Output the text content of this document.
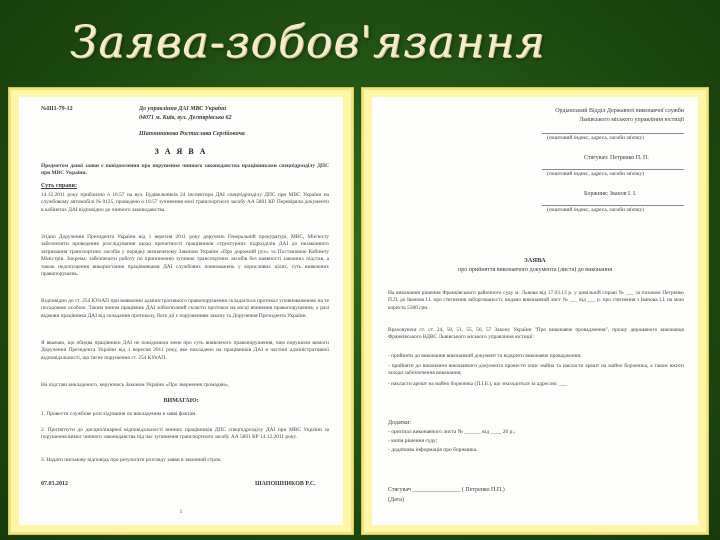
Заява-зобов'язання
№Ш1-79-12	До управління ДАІ МВС України
04071 м. Київ, вул. Дегтярівська 62
Шапошникова Ростислава Сергійовича
З А Я В А
Предметом даної заяви є повідомлення про порушення чинного законодавства працівниками спецпідрозділу ДПС при МВС України.
Суть справи:
14.12.2011 року приблизно о 16:57 на вул. Будівельників 24 інспектори ДАІ спецпідрозділу ДПС при МВС України на службовому автомобілі № 0125, проведено о 16:57 зупинення моєї транспортного засобу АА 5801 КР. Перевіряли документи в кабінетах ДАІ відповідно до чинного законодавства.
Згідно Доручення Президента України від 1 вересня 2011 року доручено Генеральній прокуратурі, МВС, Мін'юсту забезпечити проведення розслідування щодо причетності працівників структурних підрозділів ДАІ до незаконного затримання транспортних засобів у порядку визначеному Законом України «Про дорожній рух» та Постановою Кабінету Міністрів. Зокрема: забезпечити роботу по припиненню зупинок транспортних засобів без наявності законних підстав, а також недопущення використання працівниками ДАІ службових повноважень у корисливих цілях, суть виявлених правопорушень.
Відповідно до ст. 254 КУпАП при виявленні адміністративного правопорушення складається протокол уповноваженою на те посадовою особою. Таким чином працівник ДАІ зобов'язаний скласти протокол на місці вчинення правопорушення, у разі відмови працівника ДАІ від складання протоколу, його дії є порушенням закону та Доручення Президента України.
Я вважаю, що обидва працівники ДАІ не повідомили мене про суть виявленого правопорушення, чим порушили вимоги Доручення Президента України від 1 вересня 2011 року, яке покладено на працівників ДАІ в частині адміністративної відповідальності, що тягне порушення ст. 254 КУпАП.
На підставі викладеного, керуючись Законом України «Про звернення громадян»,
ВИМАГАЮ:
1. Провести службове розслідування по викладеним в заяві фактам.
2. Притягнути до дисциплінарної відповідальності винних працівників ДПС спецпідрозділу ДАІ при МВС України за порушення вимог чинного законодавства під час зупинення транспортного засобу АА 5801 КР 14.12.2011 року.
3. Надати письмову відповідь про результати розгляду заяви в законний строк.
07.03.2012	ШАПОШНИКОВ Р.С.
1
Ордынський Відділ Державної виконавчої служби
Львівського міського управління юстиції
(поштовий індекс, адреса, засоби зв'язку)
Стягувач: Петренко П. П.
(поштовий індекс, адреса, засоби зв'язку)
Боржник: Іванов І. І.
(поштовий індекс, адреса, засоби зв'язку)
ЗАЯВА
про прийняття виконавчого документа (листа) до виконання
На виконання рішення Франківського районного суду м. Львова від 17.03.13 р. у цивільній справі № ___ за позовом Петренко П.П. до Іванова І.І. про стягнення заборгованості, видано виконавчий лист № ___ від ___ р. про стягнення з Іванова І.І. на мою користь 5300 грн.
Враховуючи ст. ст. 24, 50, 51, 55, 56, 57 Закону України "Про виконавче провадження", прошу державного виконавця Франківського ВДВС Львівського міського управління юстиції:
- прийняти до виконання виконавчий документ та відкрити виконавче провадження;
- прийняти до виконання виконавчого документа провести опис майна та накласти арешт на майно боржника, а також вжити заходи забезпечення виконання;
- накласти арешт на майно боржника (П.І.Б.), що знаходиться за адресою: ___
Додатки:
- оригінал виконавчого листа № ______ від ____ 20 р.;
- копія рішення суду;
- додаткова інформація про боржника.
Стягувач ________________ ( Петренко П.П.)
(Дата)
